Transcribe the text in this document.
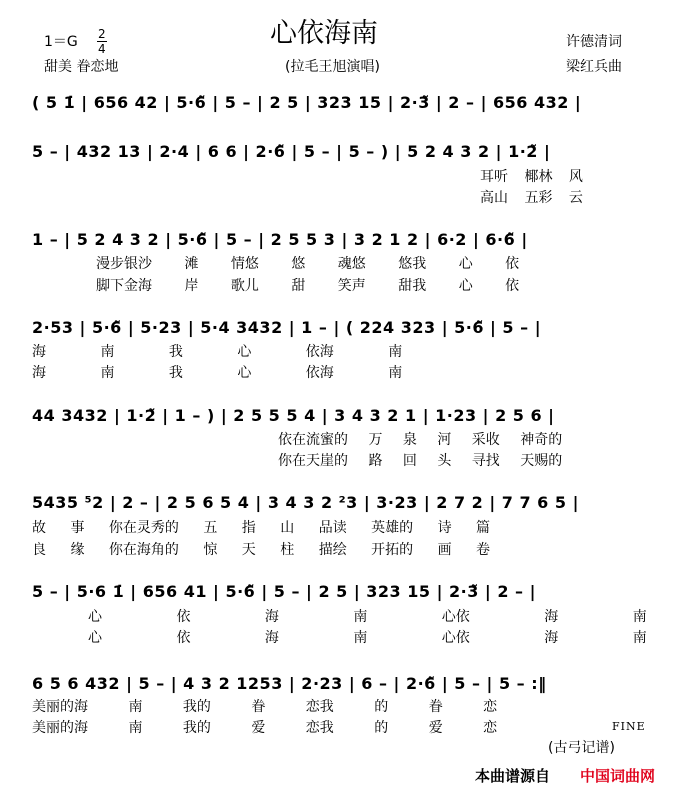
1＝G 2
4	心依海南	许德清词
甜美 眷恋地	(拉毛王旭演唱)	梁红兵曲
( 5 1̇ | 656 42 | 5·6̃ | 5 – | 2 5 | 323 15 | 2·3̃ | 2 – | 656 432 |
5 – | 432 13 | 2·4 | 6 6 | 2·6̃ | 5 – | 5 – ) | 5 2 4 3 2 | 1·2̃ |
耳听 椰林 风
高山 五彩 云
1 – | 5 2 4 3 2 | 5·6̃ | 5 – | 2 5 5 3 | 3 2 1 2 | 6·2 | 6·6̃ |
漫步银沙 滩 情悠 悠 魂悠 悠我 心 依
脚下金海 岸 歌儿 甜 笑声 甜我 心 依
2·53 | 5·6̃ | 5·23 | 5·4 3432 | 1 – | ( 224 323 | 5·6̃ | 5 – |
海 南 我 心 依海 南
海 南 我 心 依海 南
44 3432 | 1·2̃ | 1 – ) | 2 5 5 5 4 | 3 4 3 2 1 | 1·23 | 2 5 6 |
依在流蜜的 万 泉 河 采收 神奇的
你在天崖的 路 回 头 寻找 天赐的
5435 ⁵2 | 2 – | 2 5 6 5 4 | 3 4 3 2 ²3 | 3·23 | 2 7 2 | 7 7 6 5 |
故 事 你在灵秀的 五 指 山 品读 英雄的 诗 篇
良 缘 你在海角的 惊 天 柱 描绘 开拓的 画 卷
5 – | 5·6 1̇ | 656 41 | 5·6̃ | 5 – | 2 5 | 323 15 | 2·3̃ | 2 – |
心 依 海 南 心依 海 南
心 依 海 南 心依 海 南
6 5 6 432 | 5 – | 4 3 2 1253 | 2·23 | 6 – | 2·6̃ | 5 – | 5 – :‖
美丽的海 南 我的 眷 恋我 的 眷 恋
美丽的海 南 我的 爱 恋我 的 爱 恋	FINE
(古弓记谱)
本曲谱源自 中国词曲网
